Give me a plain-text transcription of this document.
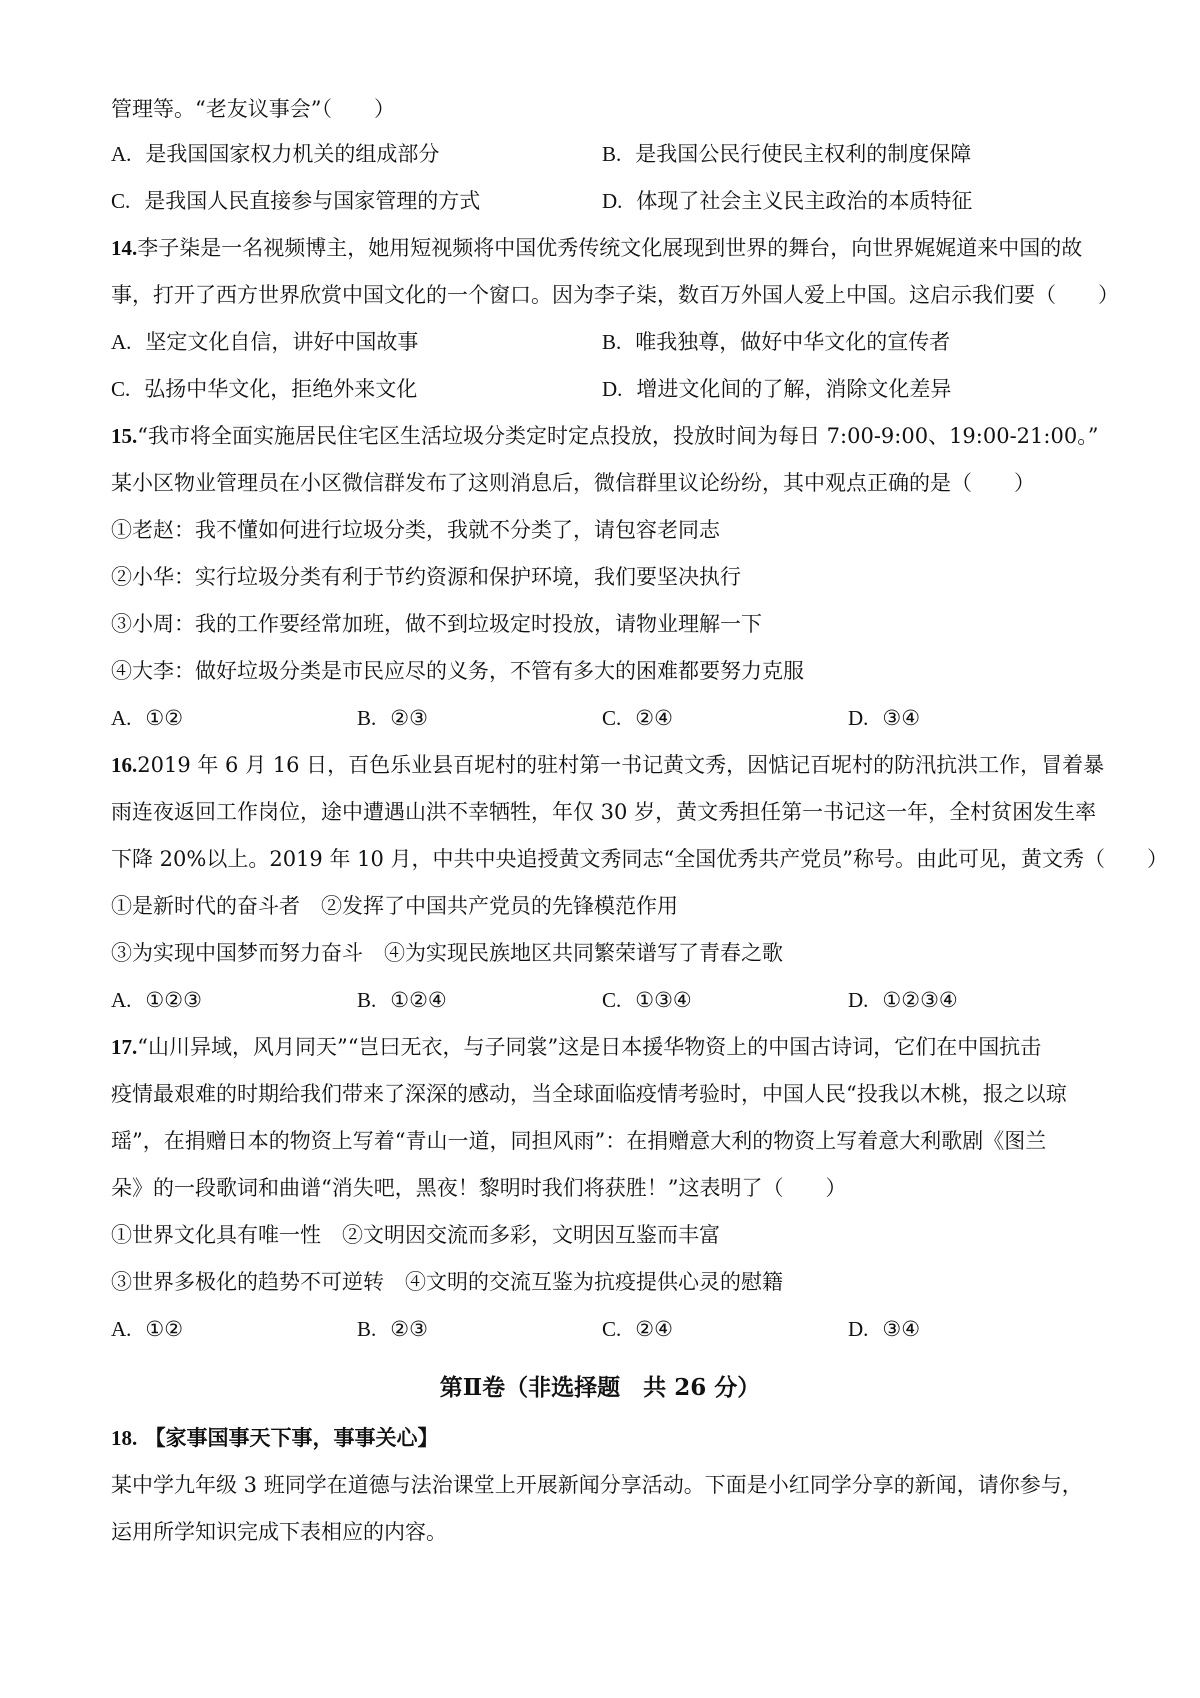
管理等。“老友议事会”（　　）
A. 是我国国家权力机关的组成部分	B. 是我国公民行使民主权利的制度保障
C. 是我国人民直接参与国家管理的方式	D. 体现了社会主义民主政治的本质特征
14.李子柒是一名视频博主，她用短视频将中国优秀传统文化展现到世界的舞台，向世界娓娓道来中国的故
事，打开了西方世界欣赏中国文化的一个窗口。因为李子柒，数百万外国人爱上中国。这启示我们要（　　）
A. 坚定文化自信，讲好中国故事	B. 唯我独尊，做好中华文化的宣传者
C. 弘扬中华文化，拒绝外来文化	D. 增进文化间的了解，消除文化差异
15.“我市将全面实施居民住宅区生活垃圾分类定时定点投放，投放时间为每日 7:00-9:00、19:00-21:00。”
某小区物业管理员在小区微信群发布了这则消息后，微信群里议论纷纷，其中观点正确的是（　　）
①老赵：我不懂如何进行垃圾分类，我就不分类了，请包容老同志
②小华：实行垃圾分类有利于节约资源和保护环境，我们要坚决执行
③小周：我的工作要经常加班，做不到垃圾定时投放，请物业理解一下
④大李：做好垃圾分类是市民应尽的义务，不管有多大的困难都要努力克服
A. ①②	B. ②③	C. ②④	D. ③④
16.2019 年 6 月 16 日，百色乐业县百坭村的驻村第一书记黄文秀，因惦记百坭村的防汛抗洪工作，冒着暴
雨连夜返回工作岗位，途中遭遇山洪不幸牺牲，年仅 30 岁，黄文秀担任第一书记这一年，全村贫困发生率
下降 20%以上。2019 年 10 月，中共中央追授黄文秀同志“全国优秀共产党员”称号。由此可见，黄文秀（　　）
①是新时代的奋斗者　②发挥了中国共产党员的先锋模范作用
③为实现中国梦而努力奋斗　④为实现民族地区共同繁荣谱写了青春之歌
A. ①②③	B. ①②④	C. ①③④	D. ①②③④
17.“山川异域，风月同天”“岂曰无衣，与子同裳”这是日本援华物资上的中国古诗词，它们在中国抗击
疫情最艰难的时期给我们带来了深深的感动，当全球面临疫情考验时，中国人民“投我以木桃，报之以琼
瑶”，在捐赠日本的物资上写着“青山一道，同担风雨”：在捐赠意大利的物资上写着意大利歌剧《图兰
朵》的一段歌词和曲谱“消失吧，黑夜！黎明时我们将获胜！”这表明了（　　）
①世界文化具有唯一性　②文明因交流而多彩，文明因互鉴而丰富
③世界多极化的趋势不可逆转　④文明的交流互鉴为抗疫提供心灵的慰籍
A. ①②	B. ②③	C. ②④	D. ③④
第Ⅱ卷（非选择题　共 26 分）
18. 【家事国事天下事，事事关心】
某中学九年级 3 班同学在道德与法治课堂上开展新闻分享活动。下面是小红同学分享的新闻，请你参与，
运用所学知识完成下表相应的内容。
